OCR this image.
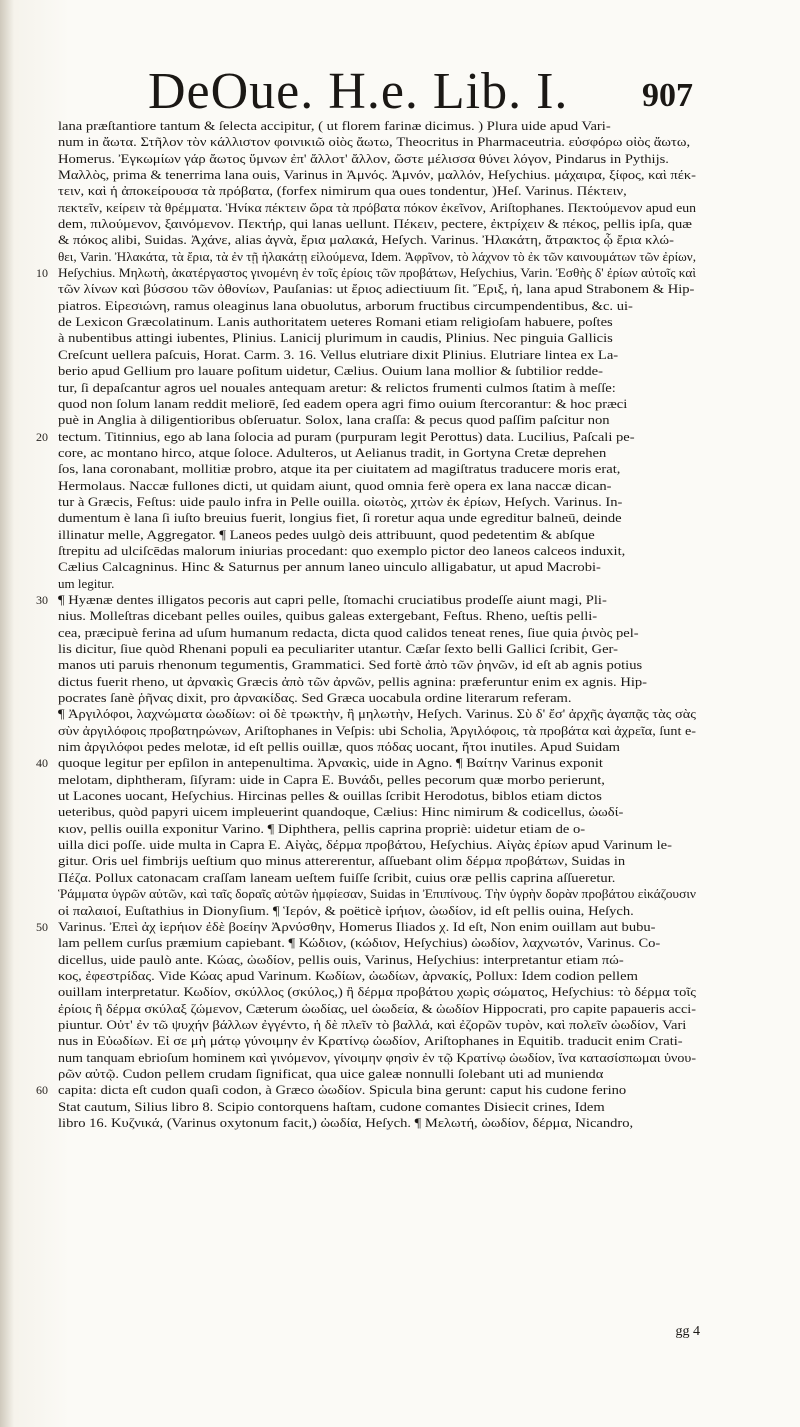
DeOue. H.e. Lib. I. 907
lana præſtantiore tantum & ſelecta accipitur, ( ut florem farinæ dicimus. ) Plura uide apud Vari-
num in ἄωτα. Στῆλον τὸν κάλλιστον φοινικιῶ οἰὸς ἄωτω, Theocritus in Pharmaceutria. εὐσφόρω οἰὸς ἄωτω,
Homerus. Ἐγκωμίων γάρ ἄωτος ὕμνων ἐπ' ἄλλοτ' ἄλλον, ὥστε μέλισσα θύνει λόγον, Pindarus in Pythijs.
Μαλλὸς, prima & tenerrima lana ouis, Varinus in Ἀμνός. Ἀμνόν, μαλλόν, Heſychius. μάχαιρα, ξίφος, καὶ πέκ-
τειν, καὶ ἡ ἀποκείρουσα τὰ πρόβατα, (forfex nimirum qua oues tondentur, )Heſ. Varinus. Πέκτειν,
πεκτεῖν, κείρειν τὰ θρέμματα. Ἡνίκα πέκτειν ὥρα τὰ πρόβατα πόκον ἐκεῖνον, Ariſtophanes. Πεκτούμενον apud eun
dem, πιλούμενον, ξαινόμενον. Πεκτήρ, qui lanas uellunt. Πέκειν, pectere, ἐκτρίχειν & πέκος, pellis ipſa, quæ
& πόκος alibi, Suidas. Ἀχάνε, alias ἀγνὰ, ἔρια μαλακά, Heſych. Varinus. Ἠλακάτη, ἄτρακτος ᾧ ἔρια κλώ-
θει, Varin. Ἠλακάτα, τὰ ἔρια, τὰ ἐν τῇ ἠλακάτῃ εἰλούμενα, Idem. Ἀφρῖνον, τὸ λάχνον τὸ ἐκ τῶν καινουμάτων τῶν ἐρίων,
10 Heſychius. Μηλωτὴ, ἀκατέργαστος γινομένη ἐν τοῖς ἐρίοις τῶν προβάτων, Heſychius, Varin. Ἐσθὴς δ' ἐρίων αὐτοῖς καὶ
τῶν λίνων καὶ βύσσου τῶν ὀθονίων, Pauſanias: ut ἔριος adiectiuum ſit. Ἔριξ, ἡ, lana apud Strabonem & Hip-
piatros. Εἰρεσιώνη, ramus oleaginus lana obuolutus, arborum fructibus circumpendentibus, &c. ui-
de Lexicon Græcolatinum. Lanis authoritatem ueteres Romani etiam religioſam habuere, poſtes
à nubentibus attingi iubentes, Plinius. Lanicij plurimum in caudis, Plinius. Nec pinguia Gallicis
Creſcunt uellera paſcuis, Horat. Carm. 3. 16. Vellus elutriare dixit Plinius. Elutriare lintea ex La-
berio apud Gellium pro lauare poſitum uidetur, Cælius. Ouium lana mollior & ſubtilior redde-
tur, ſi depaſcantur agros uel nouales antequam aretur: & relictos frumenti culmos ſtatim à meſſe:
quod non ſolum lanam reddit meliorē, ſed eadem opera agri fimo ouium ſtercorantur: & hoc præci
puè in Anglia à diligentioribus obſeruatur. Solox, lana craſſa: & pecus quod paſſim paſcitur non
20 tectum. Titinnius, ego ab lana ſolocia ad puram (purpuram legit Perottus) data. Lucilius, Paſcali pe-
core, ac montano hirco, atque ſoloce. Adulteros, ut Aelianus tradit, in Gortyna Cretæ deprehen
ſos, lana coronabant, mollitiæ probro, atque ita per ciuitatem ad magiſtratus traducere moris erat,
Hermolaus. Naccæ fullones dicti, ut quidam aiunt, quod omnia ferè opera ex lana naccæ dican-
tur à Græcis, Feſtus: uide paulo infra in Pelle ouilla. οἰωτὸς, χιτὼν ἐκ ἐρίων, Heſych. Varinus. In-
dumentum è lana ſi iuſto breuius fuerit, longius fiet, ſi roretur aqua unde egreditur balneū, deinde
illinatur melle, Aggregator. ¶ Laneos pedes uulgò deis attribuunt, quod pedetentim & abſque
ſtrepitu ad ulciſcēdas malorum iniurias procedant: quo exemplo pictor deo laneos calceos induxit,
Cælius Calcagninus. Hinc & Saturnus per annum laneo uinculo alligabatur, ut apud Macrobi-
um legitur.
30 ¶ Hyænæ dentes illigatos pecoris aut capri pelle, ſtomachi cruciatibus prodeſſe aiunt magi, Pli-
nius. Molleſtras dicebant pelles ouiles, quibus galeas extergebant, Feſtus. Rheno, ueſtis pelli-
cea, præcipuè ferina ad uſum humanum redacta, dicta quod calidos teneat renes, ſiue quia ῥινὸς pel-
lis dicitur, ſiue quòd Rhenani populi ea peculiariter utantur. Cæſar ſexto belli Gallici ſcribit, Ger-
manos uti paruis rhenonum tegumentis, Grammatici. Sed fortè ἀπὸ τῶν ῥηνῶν, id eſt ab agnis potius
dictus fuerit rheno, ut ἀρνακὶς Græcis ἀπὸ τῶν ἀρνῶν, pellis agnina: præferuntur enim ex agnis. Hip-
pocrates ſanè ῥῆνας dixit, pro ἀρνακίδας. Sed Græca uocabula ordine literarum referam.
¶ Ἀργιλόφοι, λαχνώματα ὠωδίων: οἱ δὲ τρωκτὴν, ἢ μηλωτὴν, Heſych. Varinus. Σὺ δ' ἔσ' ἀρχῆς ἀγαπᾷς τὰς σὰς
σὺν ἀργιλόφοις προβατηρώνων, Ariſtophanes in Veſpis: ubi Scholia, Ἀργιλόφοις, τὰ προβάτα καὶ ἀχρεῖα, ſunt e-
nim ἀργιλόφοι pedes melotæ, id eſt pellis ouillæ, quos πόδας uocant, ἤτοι inutiles. Apud Suidam
40 quoque legitur per epſilon in antepenultima. Ἀρνακὶς, uide in Agno. ¶ Βαίτην Varinus exponit
melotam, diphtheram, ſiſyram: uide in Capra E. Βυνάδι, pelles pecorum quæ morbo perierunt,
ut Lacones uocant, Heſychius. Hircinas pelles & ouillas ſcribit Herodotus, biblos etiam dictos
ueteribus, quòd papyri uicem impleuerint quandoque, Cælius: Hinc nimirum & codicellus, ὠωδί-
κιον, pellis ouilla exponitur Varino. ¶ Diphthera, pellis caprina propriè: uidetur etiam de o-
uilla dici poſſe. uide multa in Capra E. Αἰγὰς, δέρμα προβάτου, Heſychius. Αἰγὰς ἐρίων apud Varinum le-
gitur. Oris uel fimbrijs ueſtium quo minus attererentur, aſſuebant olim δέρμα προβάτων, Suidas in
Πέζα. Pollux catonacam craſſam laneam ueſtem fuiſſe ſcribit, cuius oræ pellis caprina aſſueretur.
Ῥάμματα ὑγρῶν αὐτῶν, καὶ ταῖς δοραῖς αὐτῶν ἠμφίεσαν, Suidas in Ἐπιπίνους. Τὴν ὑγρὴν δορὰν προβάτου εἰκάζουσιν
οἱ παλαιοί, Euſtathius in Dionyſium. ¶ Ἱερόν, & poëticè ἰρήιον, ὠωδίον, id eſt pellis ouina, Heſych.
50 Varinus. Ἐπεὶ ἀχ ἱερήιον ἐδὲ βοείην Ἀρνύσθην, Homerus Iliados χ. Id eſt, Non enim ouillam aut bubu-
lam pellem curſus præmium capiebant. ¶ Κώδιον, (κώδιον, Heſychius) ὠωδίον, λαχνωτόν, Varinus. Co-
dicellus, uide paulò ante. Κώας, ὠωδίον, pellis ouis, Varinus, Heſychius: interpretantur etiam πώ-
κος, ἐφεστρίδας. Vide Κώας apud Varinum. Κωδίων, ὠωδίων, ἀρνακίς, Pollux: Idem codion pellem
ouillam interpretatur. Κωδίον, σκύλλος (σκύλος,) ἢ δέρμα προβάτου χωρὶς σώματος, Heſychius: τὸ δέρμα τοῖς
ἐρίοις ἢ δέρμα σκύλαξ ζώμενον, Cæterum ὠωδίας, uel ὠωδεία, & ὠωδίον Hippocrati, pro capite papaueris acci-
piuntur. Οὐτ' ἐν τῶ ψυχήν βάλλων ἐγγέντο, ἡ δὲ πλεῖν τὸ βαλλά, καὶ ἐζορῶν τυρὸν, καὶ πολεῖν ὠωδίον, Vari
nus in Εὐωδίων. Εἰ σε μὴ μάτῳ γύνοιμην ἐν Κρατίνῳ ὠωδίον, Ariſtophanes in Equitib. traducit enim Crati-
num tanquam ebrioſum hominem καὶ γινόμενον, γίνοιμην φησὶν ἐν τῷ Κρατίνῳ ὠωδίον, ἵνα κατασίσπωμαι ὑνου-
ρῶν αὐτῷ. Cudon pellem crudam ſignificat, qua uice galeæ nonnulli ſolebant uti ad muniendα
60 capita: dicta eſt cudon quaſi codon, à Græco ὠωδίον. Spicula bina gerunt: caput his cudone ferino
Stat cautum, Silius libro 8. Scipio contorquens haſtam, cudone comantes Disiecit crines, Idem
libro 16. Κυζνικά, (Varinus oxytonum facit,) ὠωδία, Heſych. ¶ Μελωτή, ὠωδίον, δέρμα, Nicandro,
gg 4
